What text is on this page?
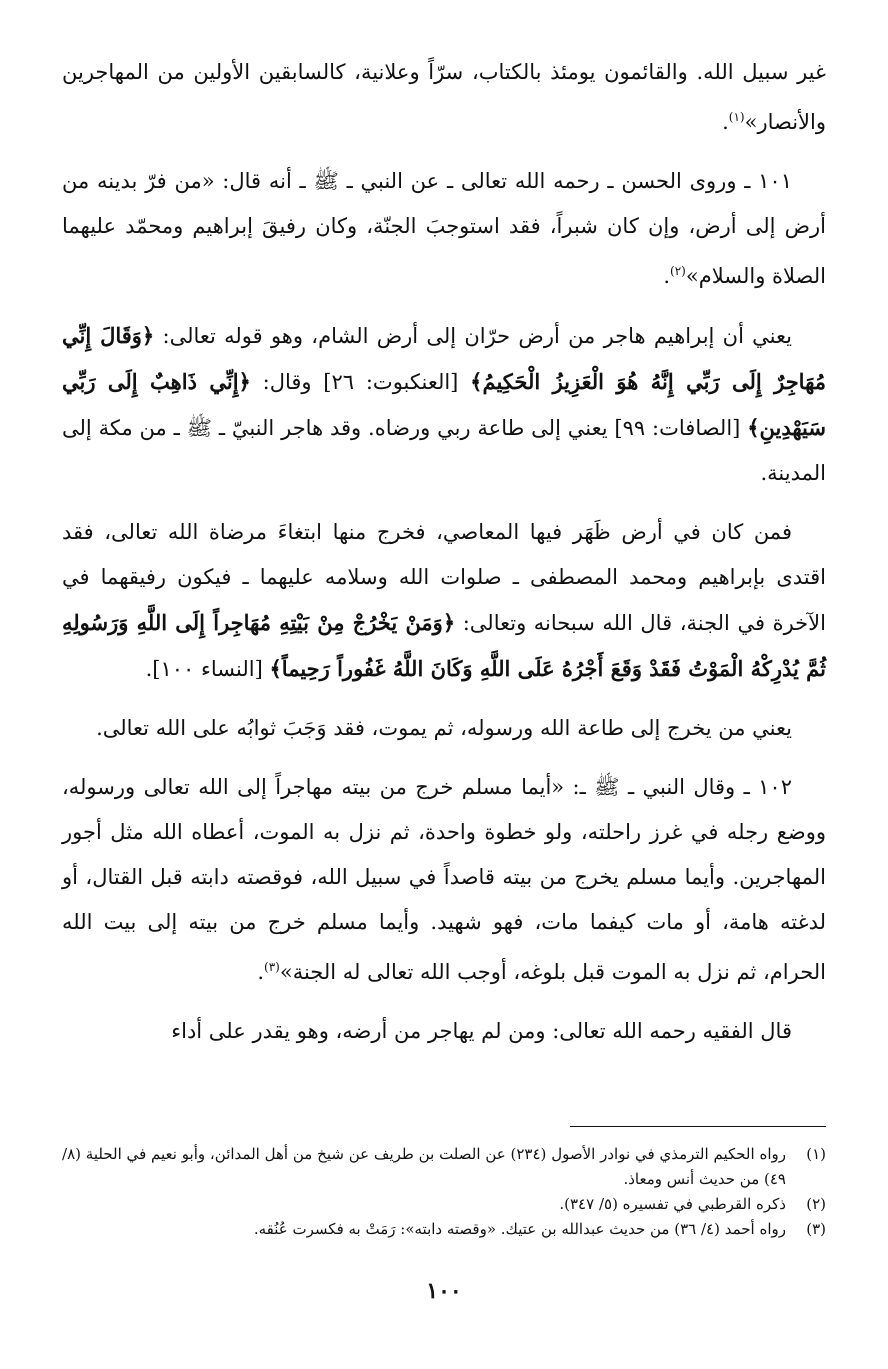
غير سبيل الله. والقائمون يومئذ بالكتاب، سرّاً وعلانية، كالسابقين الأولين من المهاجرين والأنصار»$^{(١)}$.

١٠١ ـ وروى الحسن ـ رحمه الله تعالى ـ عن النبي ـ ﷺ ـ أنه قال: «من فرّ بدينه من أرض إلى أرض، وإن كان شبراً، فقد استوجبَ الجنّة، وكان رفيقَ إبراهيم ومحمّد عليهما الصلاة والسلام»$^{(٢)}$.

يعني أن إبراهيم هاجر من أرض حرّان إلى أرض الشام، وهو قوله تعالى: ﴿وَقَالَ إِنِّي مُهَاجِرٌ إِلَى رَبِّي إِنَّهُ هُوَ الْعَزِيزُ الْحَكِيمُ﴾ [العنكبوت: ٢٦] وقال: ﴿إِنِّي ذَاهِبٌ إِلَى رَبِّي سَيَهْدِينِ﴾ [الصافات: ٩٩] يعني إلى طاعة ربي ورضاه. وقد هاجر النبيّ ـ ﷺ ـ من مكة إلى المدينة.

فمن كان في أرض ظَهَر فيها المعاصي، فخرج منها ابتغاءَ مرضاة الله تعالى، فقد اقتدى بإبراهيم ومحمد المصطفى ـ صلوات الله وسلامه عليهما ـ فيكون رفيقهما في الآخرة في الجنة، قال الله سبحانه وتعالى: ﴿وَمَنْ يَخْرُجْ مِنْ بَيْتِهِ مُهَاجِراً إِلَى اللَّهِ وَرَسُولِهِ ثُمَّ يُدْرِكْهُ الْمَوْتُ فَقَدْ وَقَعَ أَجْرُهُ عَلَى اللَّهِ وَكَانَ اللَّهُ غَفُوراً رَحِيماً﴾ [النساء ١٠٠].

يعني من يخرج إلى طاعة الله ورسوله، ثم يموت، فقد وَجَبَ ثوابُه على الله تعالى.

١٠٢ ـ وقال النبي ـ ﷺ ـ: «أيما مسلم خرج من بيته مهاجراً إلى الله تعالى ورسوله، ووضع رجله في غرز راحلته، ولو خطوة واحدة، ثم نزل به الموت، أعطاه الله مثل أجور المهاجرين. وأيما مسلم يخرج من بيته قاصداً في سبيل الله، فوقصته دابته قبل القتال، أو لدغته هامة، أو مات كيفما مات، فهو شهيد. وأيما مسلم خرج من بيته إلى بيت الله الحرام، ثم نزل به الموت قبل بلوغه، أوجب الله تعالى له الجنة»$^{(٣)}$.

قال الفقيه رحمه الله تعالى: ومن لم يهاجر من أرضه، وهو يقدر على أداء

(١)
رواه الحكيم الترمذي في نوادر الأصول (٢٣٤) عن الصلت بن طريف عن شيخ من أهل المدائن، وأبو نعيم في الحلية (٨/ ٤٩) من حديث أنس ومعاذ.
(٢)
ذكره القرطبي في تفسيره (٥/ ٣٤٧).
(٣)
رواه أحمد (٤/ ٣٦) من حديث عبدالله بن عتيك. «وقصته دابته»: رَمَتْ به فكسرت عُنُقه.
١٠٠
